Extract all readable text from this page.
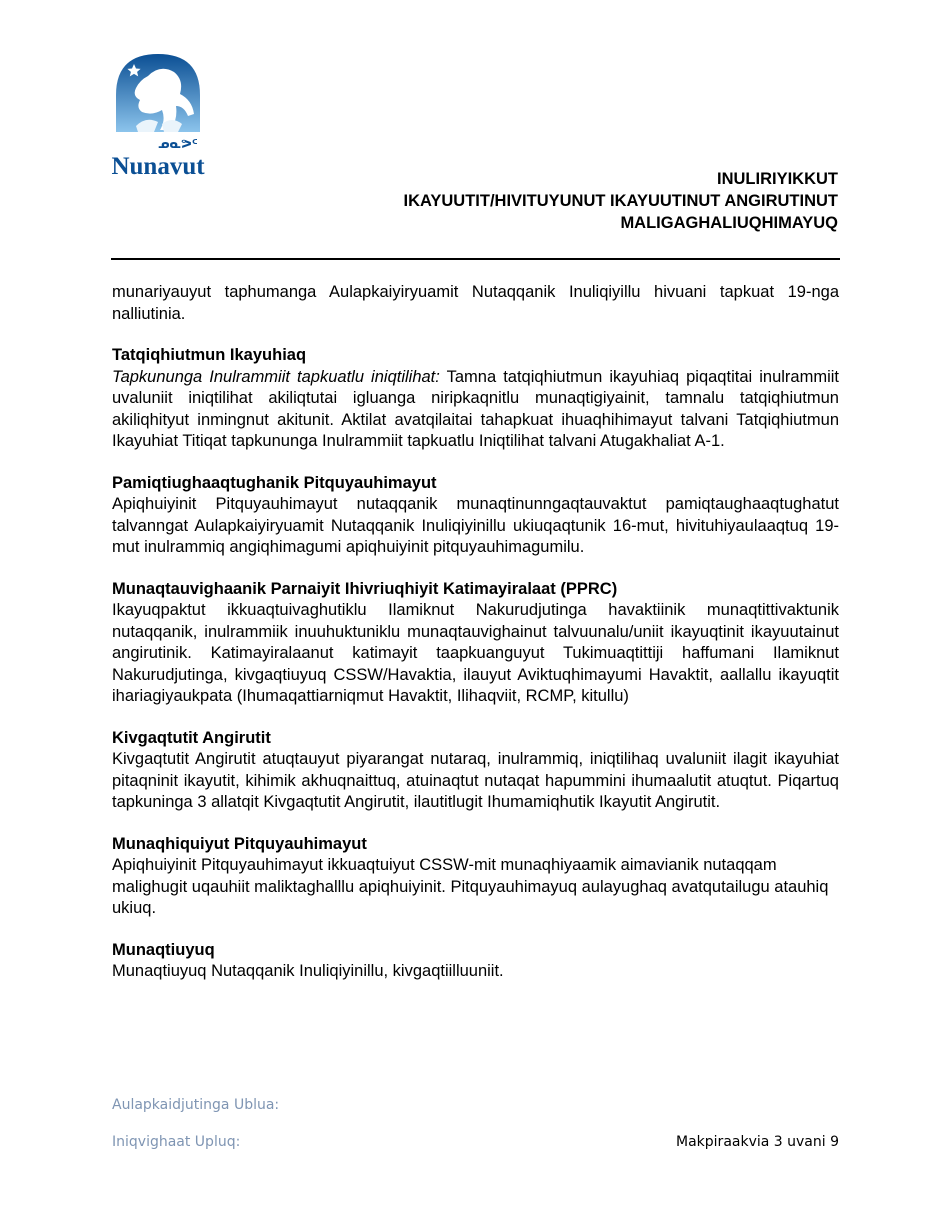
ᓄᓇᕗᑦ
Nunavut	INULIRIYIKKUT
IKAYUUTIT/HIVITUYUNUT IKAYUUTINUT ANGIRUTINUT
MALIGAGHALIUQHIMAYUQ

munariyauyut taphumanga Aulapkaiyiryuamit Nutaqqanik Inuliqiyillu hivuani tapkuat 19-nga nalliutinia.

Tatqiqhiutmun Ikayuhiaq

Tapkununga Inulrammiit tapkuatlu iniqtilihat: Tamna tatqiqhiutmun ikayuhiaq piqaqtitai inulrammiit uvaluniit iniqtilihat akiliqtutai igluanga niripkaqnitlu munaqtigiyainit, tamnalu tatqiqhiutmun akiliqhityut inmingnut akitunit. Aktilat avatqilaitai tahapkuat ihuaqhihimayut talvani Tatqiqhiutmun Ikayuhiat Titiqat tapkununga Inulrammiit tapkuatlu Iniqtilihat talvani Atugakhaliat A-1.

Pamiqtiughaaqtughanik Pitquyauhimayut

Apiqhuiyinit Pitquyauhimayut nutaqqanik munaqtinunngaqtauvaktut pamiqtaughaaqtughatut talvanngat Aulapkaiyiryuamit Nutaqqanik Inuliqiyinillu ukiuqaqtunik 16-mut, hivituhiyaulaaqtuq 19-mut inulrammiq angiqhimagumi apiqhuiyinit pitquyauhimagumilu.

Munaqtauvighaanik Parnaiyit Ihivriuqhiyit Katimayiralaat (PPRC)

Ikayuqpaktut ikkuaqtuivaghutiklu Ilamiknut Nakurudjutinga havaktiinik munaqtittivaktunik nutaqqanik, inulrammiik inuuhuktuniklu munaqtauvighainut talvuunalu/uniit ikayuqtinit ikayuutainut angirutinik. Katimayiralaanut katimayit taapkuanguyut Tukimuaqtittiji haffumani Ilamiknut Nakurudjutinga, kivgaqtiuyuq CSSW/Havaktia, ilauyut Aviktuqhimayumi Havaktit, aallallu ikayuqtit ihariagiyaukpata (Ihumaqattiarniqmut Havaktit, Ilihaqviit, RCMP, kitullu)

Kivgaqtutit Angirutit

Kivgaqtutit Angirutit atuqtauyut piyarangat nutaraq, inulrammiq, iniqtilihaq uvaluniit ilagit ikayuhiat pitaqninit ikayutit, kihimik akhuqnaittuq, atuinaqtut nutaqat hapummini ihumaalutit atuqtut. Piqartuq tapkuninga 3 allatqit Kivgaqtutit Angirutit, ilautitlugit Ihumamiqhutik Ikayutit Angirutit.

Munaqhiquiyut Pitquyauhimayut

Apiqhuiyinit Pitquyauhimayut ikkuaqtuiyut CSSW-mit munaqhiyaamik aimavianik nutaqqam malighugit uqauhiit maliktaghalllu apiqhuiyinit. Pitquyauhimayuq aulayughaq avatqutailugu atauhiq ukiuq.

Munaqtiuyuq

Munaqtiuyuq Nutaqqanik Inuliqiyinillu, kivgaqtiilluuniit.

Aulapkaidjutinga Ublua:
Iniqvighaat Upluq:	Makpiraakvia 3 uvani 9
